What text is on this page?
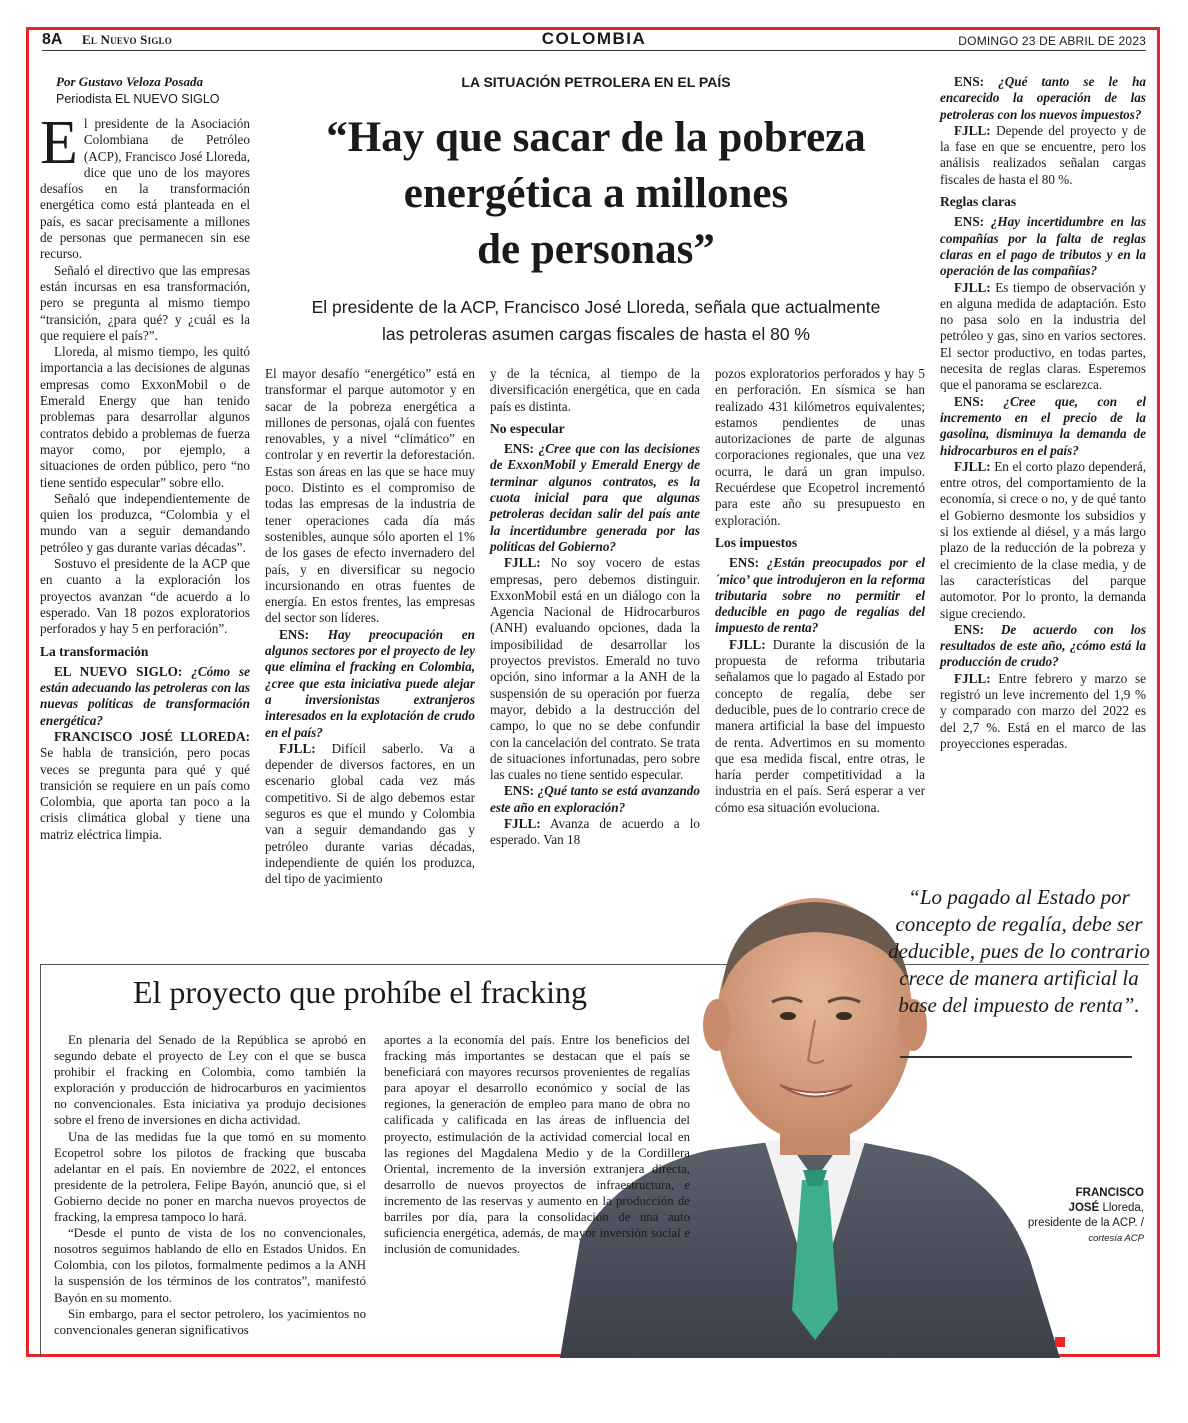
8A El Nuevo Siglo	COLOMBIA	DOMINGO 23 DE ABRIL DE 2023
Por Gustavo Veloza Posada
Periodista EL NUEVO SIGLO
LA SITUACIÓN PETROLERA EN EL PAÍS
“Hay que sacar de la pobreza
energética a millones
de personas”
El presidente de la ACP, Francisco José Lloreda, señala que actualmente
las petroleras asumen cargas fiscales de hasta el 80 %

El presidente de la Asociación Colombiana de Petróleo (ACP), Francisco José Lloreda, dice que uno de los mayores desafíos en la transformación energética como está planteada en el país, es sacar precisamente a millones de personas que permanecen sin ese recurso.

Señaló el directivo que las empresas están incursas en esa transformación, pero se pregunta al mismo tiempo “transición, ¿para qué? y ¿cuál es la que requiere el país?”.

Lloreda, al mismo tiempo, les quitó importancia a las decisiones de algunas empresas como ExxonMobil o de Emerald Energy que han tenido problemas para desarrollar algunos contratos debido a problemas de fuerza mayor como, por ejemplo, a situaciones de orden público, pero “no tiene sentido especular” sobre ello.

Señaló que independientemente de quien los produzca, “Colombia y el mundo van a seguir demandando petróleo y gas durante varias décadas”.

Sostuvo el presidente de la ACP que en cuanto a la exploración los proyectos avanzan “de acuerdo a lo esperado. Van 18 pozos exploratorios perforados y hay 5 en perforación”.

La transformación

EL NUEVO SIGLO: ¿Cómo se están adecuando las petroleras con las nuevas políticas de transformación energética?

FRANCISCO JOSÉ LLOREDA: Se habla de transición, pero pocas veces se pregunta para qué y qué transición se requiere en un país como Colombia, que aporta tan poco a la crisis climática global y tiene una matriz eléctrica limpia.

El mayor desafío “energético” está en transformar el parque automotor y en sacar de la pobreza energética a millones de personas, ojalá con fuentes renovables, y a nivel “climático” en controlar y en revertir la deforestación. Estas son áreas en las que se hace muy poco. Distinto es el compromiso de todas las empresas de la industria de tener operaciones cada día más sostenibles, aunque sólo aporten el 1% de los gases de efecto invernadero del país, y en diversificar su negocio incursionando en otras fuentes de energía. En estos frentes, las empresas del sector son líderes.

ENS: Hay preocupación en algunos sectores por el proyecto de ley que elimina el fracking en Colombia, ¿cree que esta iniciativa puede alejar a inversionistas extranjeros interesados en la explotación de crudo en el país?

FJLL: Difícil saberlo. Va a depender de diversos factores, en un escenario global cada vez más competitivo. Si de algo debemos estar seguros es que el mundo y Colombia van a seguir demandando gas y petróleo durante varias décadas, independiente de quién los produzca, del tipo de yacimiento

y de la técnica, al tiempo de la diversificación energética, que en cada país es distinta.

No especular

ENS: ¿Cree que con las decisiones de ExxonMobil y Emerald Energy de terminar algunos contratos, es la cuota inicial para que algunas petroleras decidan salir del país ante la incertidumbre generada por las políticas del Gobierno?

FJLL: No soy vocero de estas empresas, pero debemos distinguir. ExxonMobil está en un diálogo con la Agencia Nacional de Hidrocarburos (ANH) evaluando opciones, dada la imposibilidad de desarrollar los proyectos previstos. Emerald no tuvo opción, sino informar a la ANH de la suspensión de su operación por fuerza mayor, debido a la destrucción del campo, lo que no se debe confundir con la cancelación del contrato. Se trata de situaciones infortunadas, pero sobre las cuales no tiene sentido especular.

ENS: ¿Qué tanto se está avanzando este año en exploración?

FJLL: Avanza de acuerdo a lo esperado. Van 18

pozos exploratorios perforados y hay 5 en perforación. En sísmica se han realizado 431 kilómetros equivalentes; estamos pendientes de unas autorizaciones de parte de algunas corporaciones regionales, que una vez ocurra, le dará un gran impulso. Recuérdese que Ecopetrol incrementó para este año su presupuesto en exploración.

Los impuestos

ENS: ¿Están preocupados por el ´mico’ que introdujeron en la reforma tributaria sobre no permitir el deducible en pago de regalías del impuesto de renta?

FJLL: Durante la discusión de la propuesta de reforma tributaria señalamos que lo pagado al Estado por concepto de regalía, debe ser deducible, pues de lo contrario crece de manera artificial la base del impuesto de renta. Advertimos en su momento que esa medida fiscal, entre otras, le haría perder competitividad a la industria en el país. Será esperar a ver cómo esa situación evoluciona.

ENS: ¿Qué tanto se le ha encarecido la operación de las petroleras con los nuevos impuestos?

FJLL: Depende del proyecto y de la fase en que se encuentre, pero los análisis realizados señalan cargas fiscales de hasta el 80 %.

Reglas claras

ENS: ¿Hay incertidumbre en las compañías por la falta de reglas claras en el pago de tributos y en la operación de las compañías?

FJLL: Es tiempo de observación y en alguna medida de adaptación. Esto no pasa solo en la industria del petróleo y gas, sino en varios sectores. El sector productivo, en todas partes, necesita de reglas claras. Esperemos que el panorama se esclarezca.

ENS: ¿Cree que, con el incremento en el precio de la gasolina, disminuya la demanda de hidrocarburos en el país?

FJLL: En el corto plazo dependerá, entre otros, del comportamiento de la economía, si crece o no, y de qué tanto el Gobierno desmonte los subsidios y si los extiende al diésel, y a más largo plazo de la reducción de la pobreza y el crecimiento de la clase media, y de las características del parque automotor. Por lo pronto, la demanda sigue creciendo.

ENS: De acuerdo con los resultados de este año, ¿cómo está la producción de crudo?

FJLL: Entre febrero y marzo se registró un leve incremento del 1,9 % y comparado con marzo del 2022 es del 2,7 %. Está en el marco de las proyecciones esperadas.

El proyecto que prohíbe el fracking

En plenaria del Senado de la República se aprobó en segundo debate el proyecto de Ley con el que se busca prohibir el fracking en Colombia, como también la exploración y producción de hidrocarburos en yacimientos no convencionales. Esta iniciativa ya produjo decisiones sobre el freno de inversiones en dicha actividad.

Una de las medidas fue la que tomó en su momento Ecopetrol sobre los pilotos de fracking que buscaba adelantar en el país. En noviembre de 2022, el entonces presidente de la petrolera, Felipe Bayón, anunció que, si el Gobierno decide no poner en marcha nuevos proyectos de fracking, la empresa tampoco lo hará.

“Desde el punto de vista de los no convencionales, nosotros seguimos hablando de ello en Estados Unidos. En Colombia, con los pilotos, formalmente pedimos a la ANH la suspensión de los términos de los contratos”, manifestó Bayón en su momento.

Sin embargo, para el sector petrolero, los yacimientos no convencionales generan significativos

aportes a la economía del país. Entre los beneficios del fracking más importantes se destacan que el país se beneficiará con mayores recursos provenientes de regalías para apoyar el desarrollo económico y social de las regiones, la generación de empleo para mano de obra no calificada y calificada en las áreas de influencia del proyecto, estimulación de la actividad comercial local en las regiones del Magdalena Medio y de la Cordillera Oriental, incremento de la inversión extranjera directa, desarrollo de nuevos proyectos de infraestructura, e incremento de las reservas y aumento en la producción de barriles por día, para la consolidación de una auto suficiencia energética, además, de mayor inversión social e inclusión de comunidades.

“Lo pagado al Estado por concepto de regalía, debe ser deducible, pues de lo contrario crece de manera artificial la base del impuesto de renta”.
FRANCISCO
JOSÉ Lloreda, presidente de la ACP. /
cortesía ACP
